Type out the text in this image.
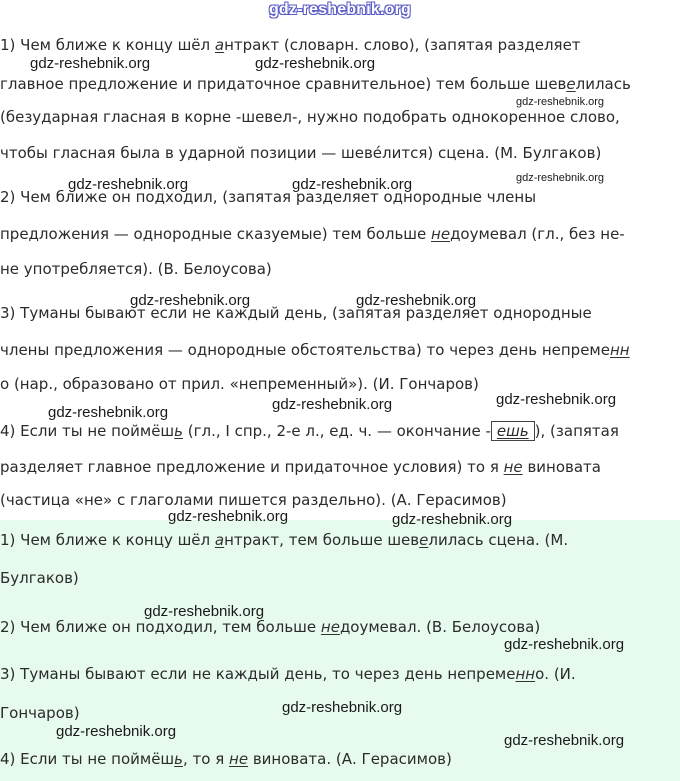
gdz-reshebnik.org
1) Чем ближе к концу шёл антракт (словарн. слово), (запятая разделяет
главное предложение и придаточное сравнительное) тем больше шевелилась
(безударная гласная в корне -шевел-, нужно подобрать однокоренное слово,
чтобы гласная была в ударной позиции — шеве́лится) сцена. (М. Булгаков)
2) Чем ближе он подходил, (запятая разделяет однородные члены
предложения — однородные сказуемые) тем больше недоумевал (гл., без не-
не употребляется). (В. Белоусова)
3) Туманы бывают если не каждый день, (запятая разделяет однородные
члены предложения — однородные обстоятельства) то через день непременн
о (нар., образовано от прил. «непременный»). (И. Гончаров)
4) Если ты не поймёшь (гл., I спр., 2-е л., ед. ч. — окончание - ешь ), (запятая
разделяет главное предложение и придаточное условия) то я не виновата
(частица «не» с глаголами пишется раздельно). (А. Герасимов)
1) Чем ближе к концу шёл антракт, тем больше шевелилась сцена. (М.
Булгаков)
2) Чем ближе он подходил, тем больше недоумевал. (В. Белоусова)
3) Туманы бывают если не каждый день, то через день непременно. (И.
Гончаров)
4) Если ты не поймёшь, то я не виновата. (А. Герасимов)
gdz-reshebnik.org	gdz-reshebnik.org
gdz-reshebnik.org
gdz-reshebnik.org
gdz-reshebnik.org	gdz-reshebnik.org
gdz-reshebnik.org	gdz-reshebnik.org
gdz-reshebnik.org	gdz-reshebnik.org	gdz-reshebnik.org
gdz-reshebnik.org	gdz-reshebnik.org
gdz-reshebnik.org
gdz-reshebnik.org
gdz-reshebnik.org
gdz-reshebnik.org
gdz-reshebnik.org
